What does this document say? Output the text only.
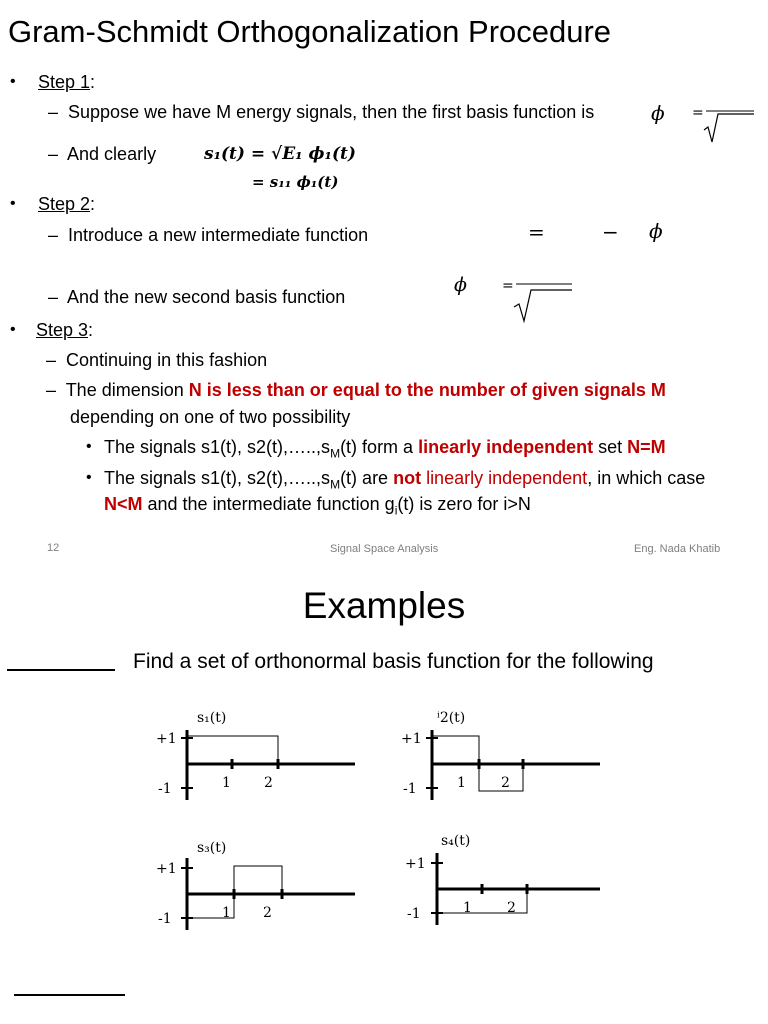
Gram-Schmidt Orthogonalization Procedure
• Step 1:
–  Suppose we have M energy signals, then the first basis function is	ϕ =
–  And clearly	s₁(t) = √E₁ ϕ₁(t)
= s₁₁ ϕ₁(t)
• Step 2:
–  Introduce a new intermediate function	=	− ϕ
–  And the new second basis function
ϕ	=
• Step 3:
–  Continuing in this fashion
–  The dimension N is less than or equal to the number of given signals M
depending on one of two possibility
• The signals s1(t), $s2(t),\dots..,s_M(t)$ form a linearly independent set N=M
• The signals s1(t), $s2(t),\dots..,s_M(t)$ are not linearly independent, in which case
N<M and the intermediate function $g_i(t)$ is zero for i>N
12	Signal Space Analysis	Eng. Nada Khatib
Examples
Find a set of orthonormal basis function for the following
s₁(t)
+1
-1	1 2
ⁱ2(t)
+1
-1	1	2
s₃(t)
+1
-1	1 2
s₄(t)
+1
-1	1	2
